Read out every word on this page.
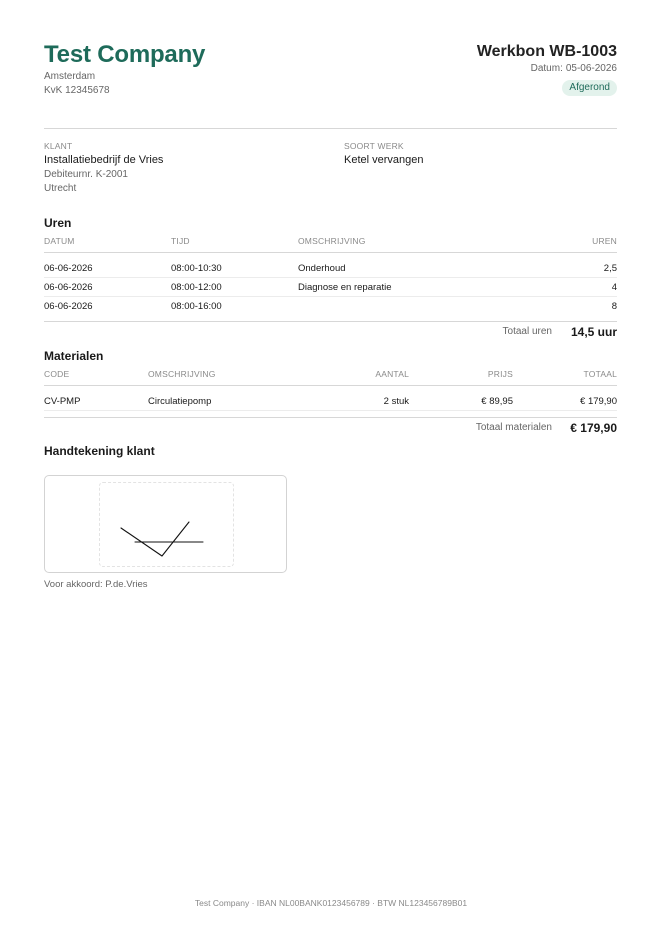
Test Company
Amsterdam
KvK 12345678
Werkbon WB-1003
Datum: 05-06-2026
Afgerond
KLANT
Installatiebedrijf de Vries
Debiteurnr. K-2001
Utrecht
SOORT WERK
Ketel vervangen
Uren
DATUM	TIJD	OMSCHRIJVING	UREN
06-06-2026	08:00-10:30	Onderhoud	2,5
06-06-2026	08:00-12:00	Diagnose en reparatie	4
06-06-2026	08:00-16:00		8
Totaal uren 14,5 uur
Materialen
CODE	OMSCHRIJVING	AANTAL	PRIJS	TOTAAL
CV-PMP	Circulatiepomp	2 stuk	€ 89,95	€ 179,90
Totaal materialen € 179,90
Handtekening klant
Voor akkoord: P.de.Vries
Test Company · IBAN NL00BANK0123456789 · BTW NL123456789B01
